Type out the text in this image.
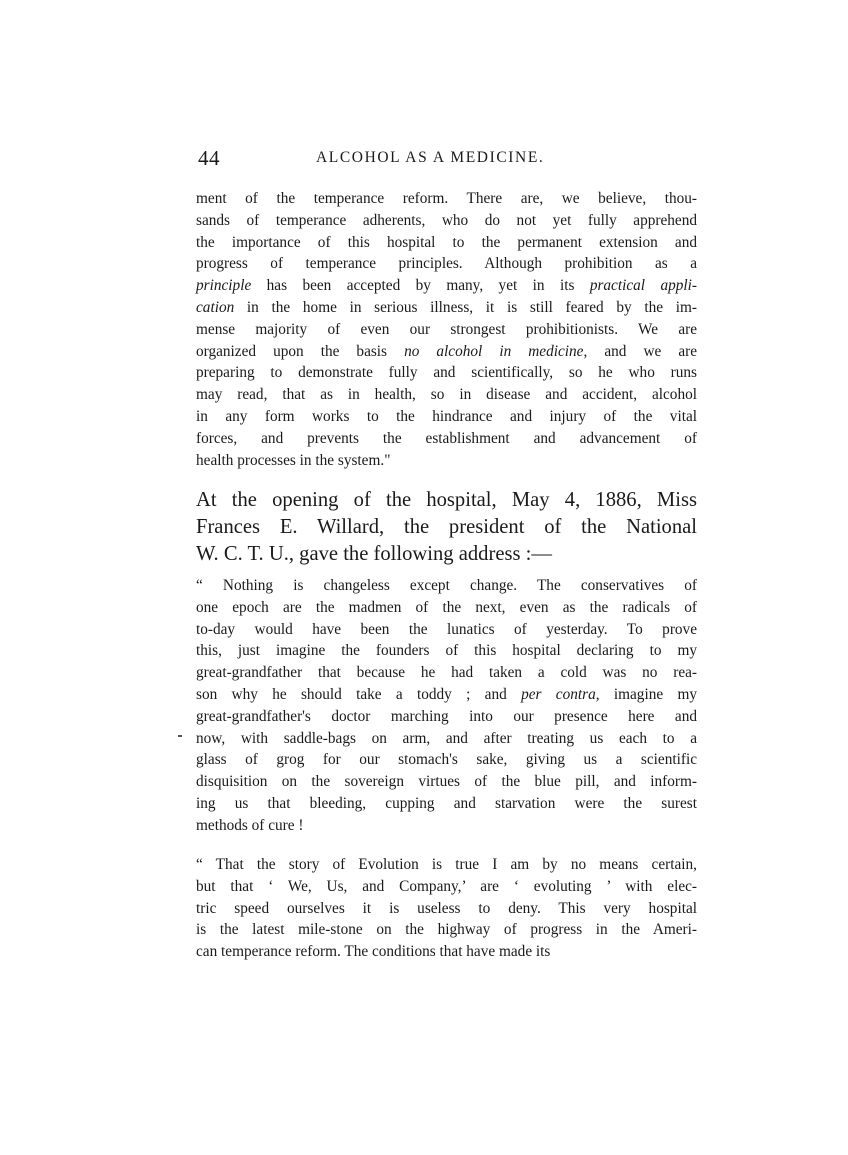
44	ALCOHOL AS A MEDICINE.
ment of the temperance reform. There are, we believe, thou-
sands of temperance adherents, who do not yet fully apprehend
the importance of this hospital to the permanent extension and
progress of temperance principles. Although prohibition as a
principle has been accepted by many, yet in its practical appli-
cation in the home in serious illness, it is still feared by the im-
mense majority of even our strongest prohibitionists. We are
organized upon the basis no alcohol in medicine, and we are
preparing to demonstrate fully and scientifically, so he who runs
may read, that as in health, so in disease and accident, alcohol
in any form works to the hindrance and injury of the vital
forces, and prevents the establishment and advancement of
health processes in the system."
At the opening of the hospital, May 4, 1886, Miss
Frances E. Willard, the president of the National
W. C. T. U., gave the following address :—
“ Nothing is changeless except change. The conservatives of
one epoch are the madmen of the next, even as the radicals of
to-day would have been the lunatics of yesterday. To prove
this, just imagine the founders of this hospital declaring to my
great-grandfather that because he had taken a cold was no rea-
son why he should take a toddy ; and per contra, imagine my
great-grandfather's doctor marching into our presence here and
now, with saddle-bags on arm, and after treating us each to a
glass of grog for our stomach's sake, giving us a scientific
disquisition on the sovereign virtues of the blue pill, and inform-
ing us that bleeding, cupping and starvation were the surest
methods of cure !
“ That the story of Evolution is true I am by no means certain,
but that ‘ We, Us, and Company,’ are ‘ evoluting ’ with elec-
tric speed ourselves it is useless to deny. This very hospital
is the latest mile-stone on the highway of progress in the Ameri-
can temperance reform. The conditions that have made its
